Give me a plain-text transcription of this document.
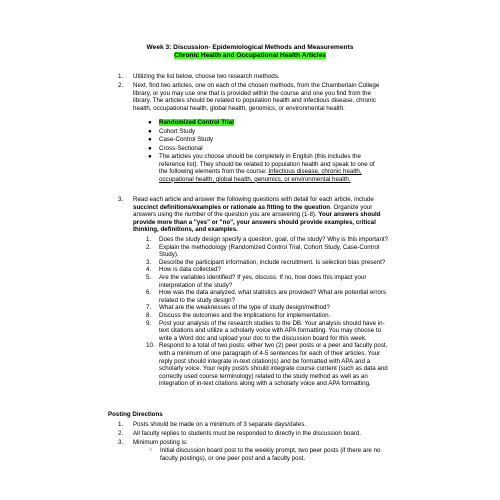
Week 3: Discussion- Epidemiological Methods and Measurements
Chronic Health and Occupational Health Articles
1.	Utilizing the list below, choose two research methods.
2.	Next, find two articles, one on each of the chosen methods, from the Chamberlain College library, or you may use one that is provided within the course and one you find from the library. The articles should be related to population health and infectious disease, chronic health, occupational health, global health, genomics, or environmental health:
● Randomized Control Trial
● Cohort Study
● Case-Control Study
● Cross-Sectional
●	The articles you choose should be completely in English (this includes the reference list). They should be related to population health and speak to one of the following elements from the course: Infectious disease, chronic health, occupational health, global health, genomics, or environmental health.
3.	Read each article and answer the following questions with detail for each article, include succinct definitions/examples or rationale as fitting to the question. Organize your answers using the number of the question you are answering (1-8). Your answers should provide more than a "yes" or "no", your answers should provide examples, critical thinking, definitions, and examples.
1.	Does the study design specify a question, goal, of the study? Why is this important?
2.	Explain the methodology (Randomized Control Trial, Cohort Study, Case-Control Study).
3.	Describe the participant information, include recruitment. Is selection bias present?
4.	How is data collected?
5.	Are the variables identified? If yes, discuss. If no, how does this impact your interpretation of the study?
6.	How was the data analyzed, what statistics are provided? What are potential errors related to the study design?
7.	What are the weaknesses of the type of study design/method?
8.	Discuss the outcomes and the implications for implementation.
9.	Post your analysis of the research studies to the DB. Your analysis should have in-text citations and utilize a scholarly voice with APA formatting. You may choose to write a Word doc and upload your doc to the discussion board for this week.
10. Respond to a total of two posts: either two (2) peer posts or a peer and faculty post, with a minimum of one paragraph of 4-5 sentences for each of their articles. Your reply post should integrate in-text citation(s) and be formatted with APA and a scholarly voice. Your reply post/s should integrate course content (such as data and correctly used course terminology) related to the study method as well as an integration of in-text citations along with a scholarly voice and APA formatting.
Posting Directions
1.	Posts should be made on a minimum of 3 separate days/dates.
2.	All faculty replies to students must be responded to directly in the discussion board.
3.	Minimum posting is:
○	Initial discussion board post to the weekly prompt, two peer posts (if there are no faculty postings), or one peer post and a faculty post.
